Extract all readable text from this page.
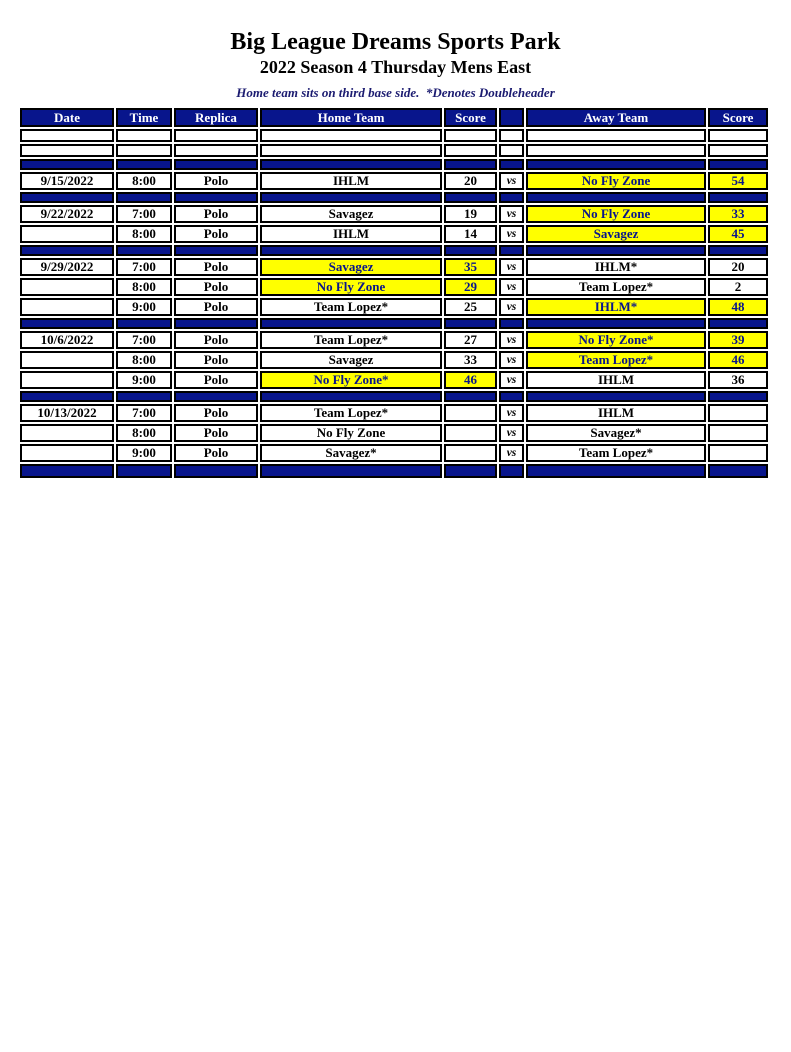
Big League Dreams Sports Park
2022 Season 4 Thursday Mens East
Home team sits on third base side.  *Denotes Doubleheader
Date	Time	Replica	Home Team	Score		Away Team	Score

9/15/2022	8:00	Polo	IHLM	20	vs	No Fly Zone	54

9/22/2022	7:00	Polo	Savagez	19	vs	No Fly Zone	33
	8:00	Polo	IHLM	14	vs	Savagez	45

9/29/2022	7:00	Polo	Savagez	35	vs	IHLM*	20
	8:00	Polo	No Fly Zone	29	vs	Team Lopez*	2
	9:00	Polo	Team Lopez*	25	vs	IHLM*	48

10/6/2022	7:00	Polo	Team Lopez*	27	vs	No Fly Zone*	39
	8:00	Polo	Savagez	33	vs	Team Lopez*	46
	9:00	Polo	No Fly Zone*	46	vs	IHLM	36

10/13/2022	7:00	Polo	Team Lopez*		vs	IHLM	
	8:00	Polo	No Fly Zone		vs	Savagez*	
	9:00	Polo	Savagez*		vs	Team Lopez*	
